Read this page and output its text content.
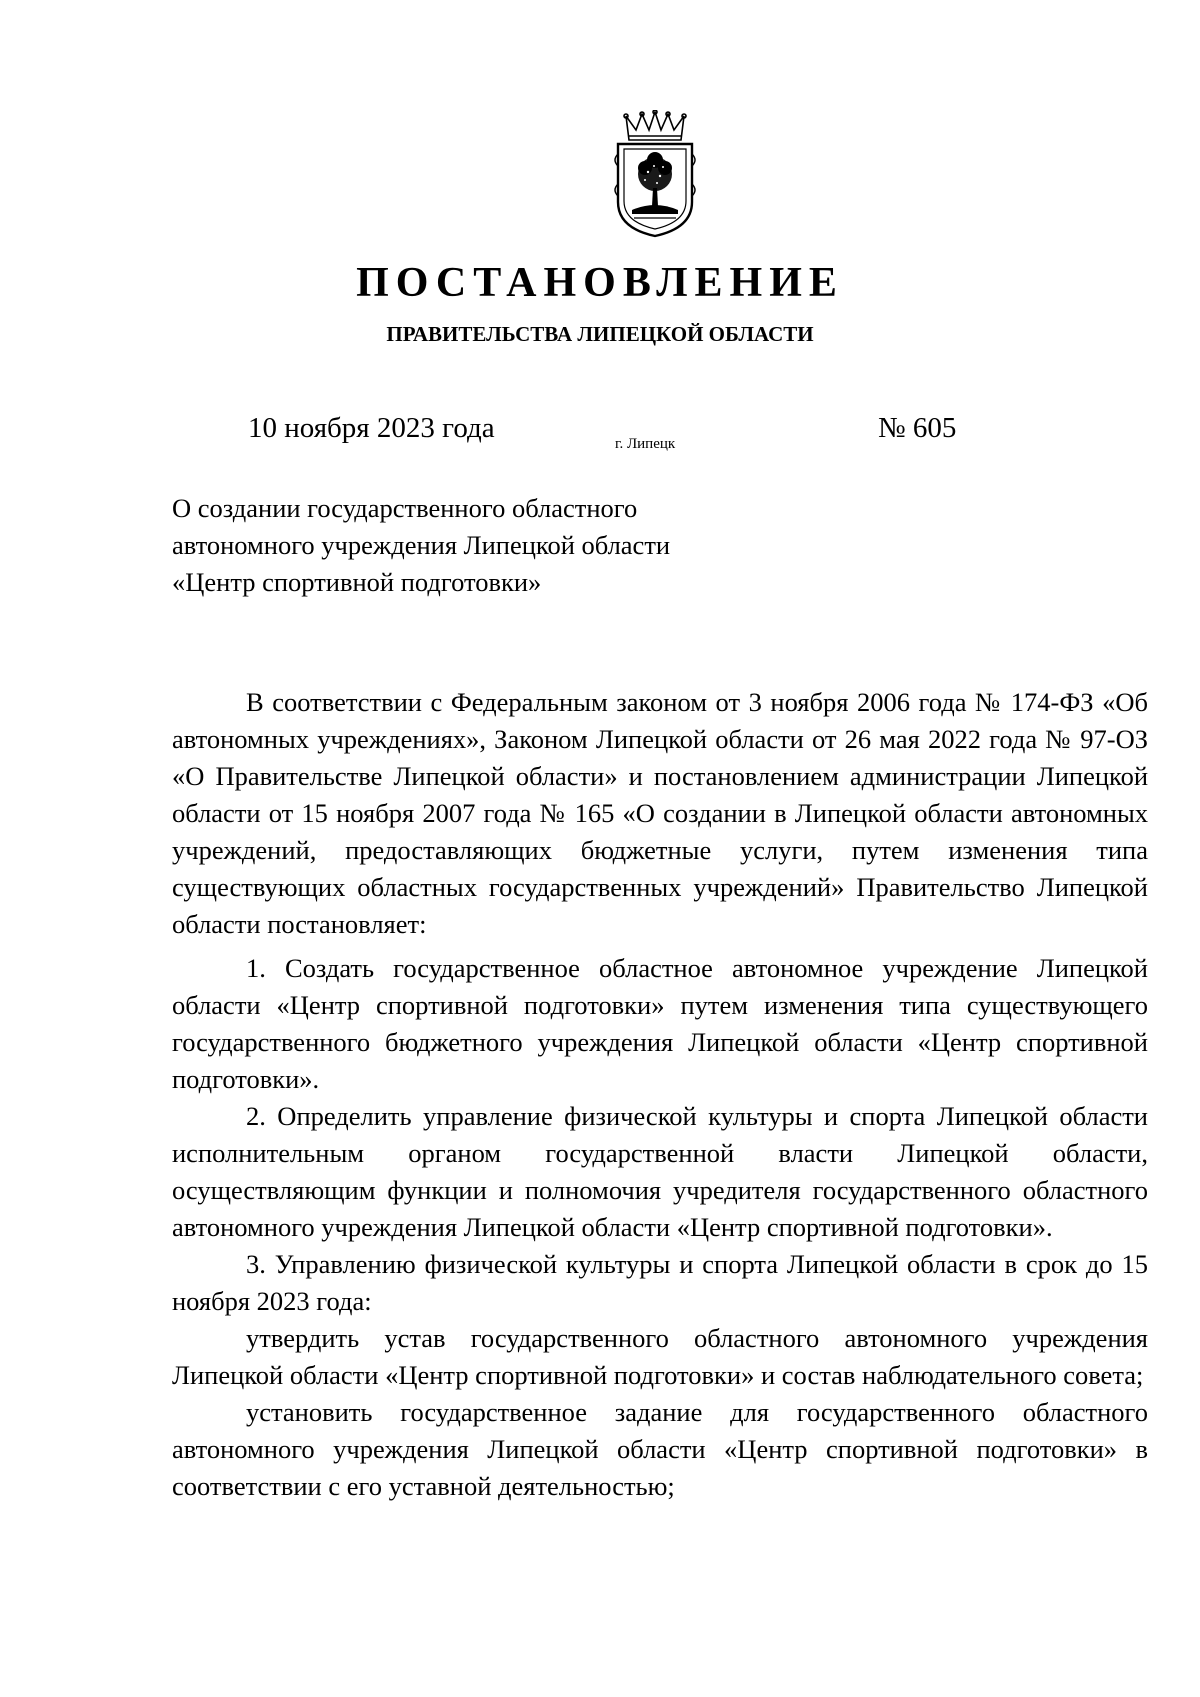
ПОСТАНОВЛЕНИЕ
ПРАВИТЕЛЬСТВА ЛИПЕЦКОЙ ОБЛАСТИ
10 ноября 2023 года	г. Липецк	№ 605
О создании государственного областного
автономного учреждения Липецкой области
«Центр спортивной подготовки»

В соответствии с Федеральным законом от 3 ноября 2006 года № 174-ФЗ «Об автономных учреждениях», Законом Липецкой области от 26 мая 2022 года № 97-ОЗ «О Правительстве Липецкой области» и постановлением администрации Липецкой области от 15 ноября 2007 года № 165 «О создании в Липецкой области автономных учреждений, предоставляющих бюджетные услуги, путем изменения типа существующих областных государственных учреждений» Правительство Липецкой области постановляет:

1. Создать государственное областное автономное учреждение Липецкой области «Центр спортивной подготовки» путем изменения типа существующего государственного бюджетного учреждения Липецкой области «Центр спортивной подготовки».

2. Определить управление физической культуры и спорта Липецкой области исполнительным органом государственной власти Липецкой области, осуществляющим функции и полномочия учредителя государственного областного автономного учреждения Липецкой области «Центр спортивной подготовки».

3. Управлению физической культуры и спорта Липецкой области в срок до 15 ноября 2023 года:

утвердить устав государственного областного автономного учреждения Липецкой области «Центр спортивной подготовки» и состав наблюдательного совета;

установить государственное задание для государственного областного автономного учреждения Липецкой области «Центр спортивной подготовки» в соответствии с его уставной деятельностью;
